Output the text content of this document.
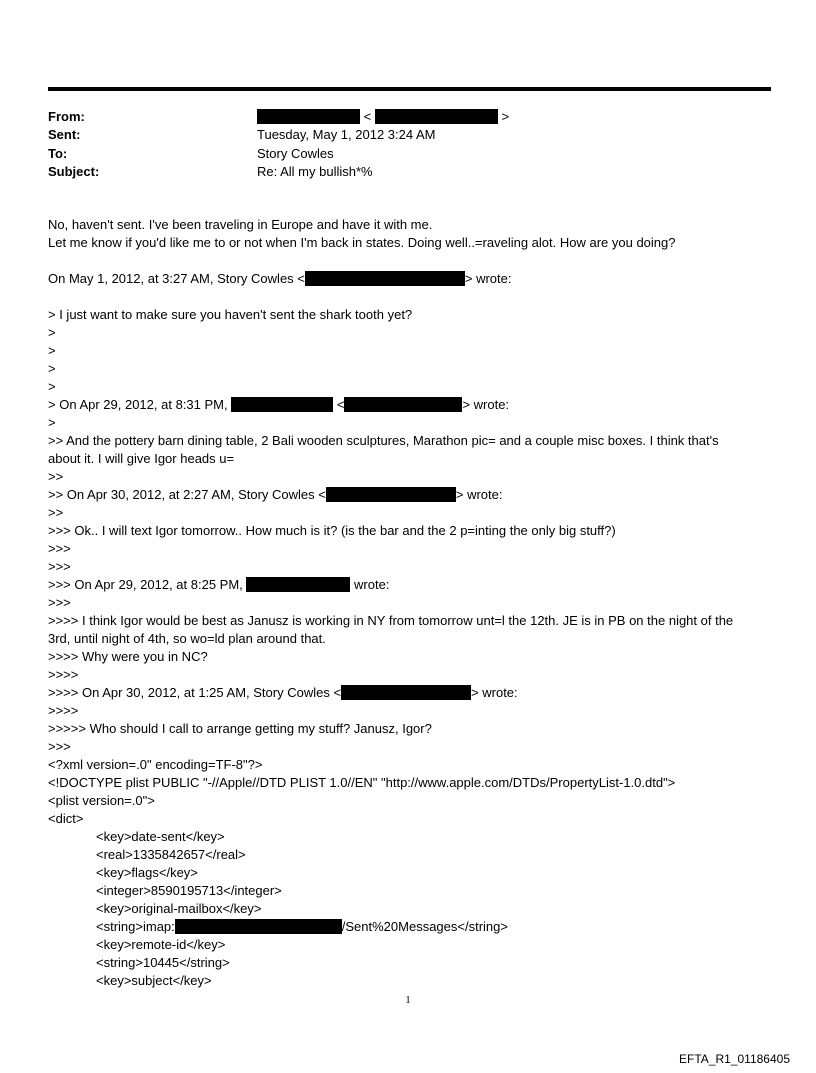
From:	<	>
Sent:	Tuesday, May 1, 2012 3:24 AM
To:	Story Cowles
Subject:	Re: All my bullish*%
No, haven't sent. I've been traveling in Europe and have it with me.
Let me know if you'd like me to or not when I'm back in states. Doing well..=raveling alot. How are you doing?
On May 1, 2012, at 3:27 AM, Story Cowles <	> wrote:
> I just want to make sure you haven't sent the shark tooth yet?
>
>
>
>
> On Apr 29, 2012, at 8:31 PM,	<	> wrote:
>
>> And the pottery barn dining table, 2 Bali wooden sculptures, Marathon pic= and a couple misc boxes. I think that's
about it. I will give Igor heads u=
>>
>> On Apr 30, 2012, at 2:27 AM, Story Cowles <	> wrote:
>>
>>> Ok.. I will text Igor tomorrow.. How much is it? (is the bar and the 2 p=inting the only big stuff?)
>>>
>>>
>>> On Apr 29, 2012, at 8:25 PM,	wrote:
>>>
>>>> I think Igor would be best as Janusz is working in NY from tomorrow unt=l the 12th. JE is in PB on the night of the
3rd, until night of 4th, so wo=ld plan around that.
>>>> Why were you in NC?
>>>>
>>>> On Apr 30, 2012, at 1:25 AM, Story Cowles <	> wrote:
>>>>
>>>>> Who should I call to arrange getting my stuff? Janusz, Igor?
>>>
<?xml version=.0" encoding=TF-8"?>
<!DOCTYPE plist PUBLIC "-//Apple//DTD PLIST 1.0//EN" "http://www.apple.com/DTDs/PropertyList-1.0.dtd">
<plist version=.0">
<dict>
<key>date-sent</key>
<real>1335842657</real>
<key>flags</key>
<integer>8590195713</integer>
<key>original-mailbox</key>
<string>imap:	/Sent%20Messages</string>
<key>remote-id</key>
<string>10445</string>
<key>subject</key>
1
EFTA_R1_01186405
